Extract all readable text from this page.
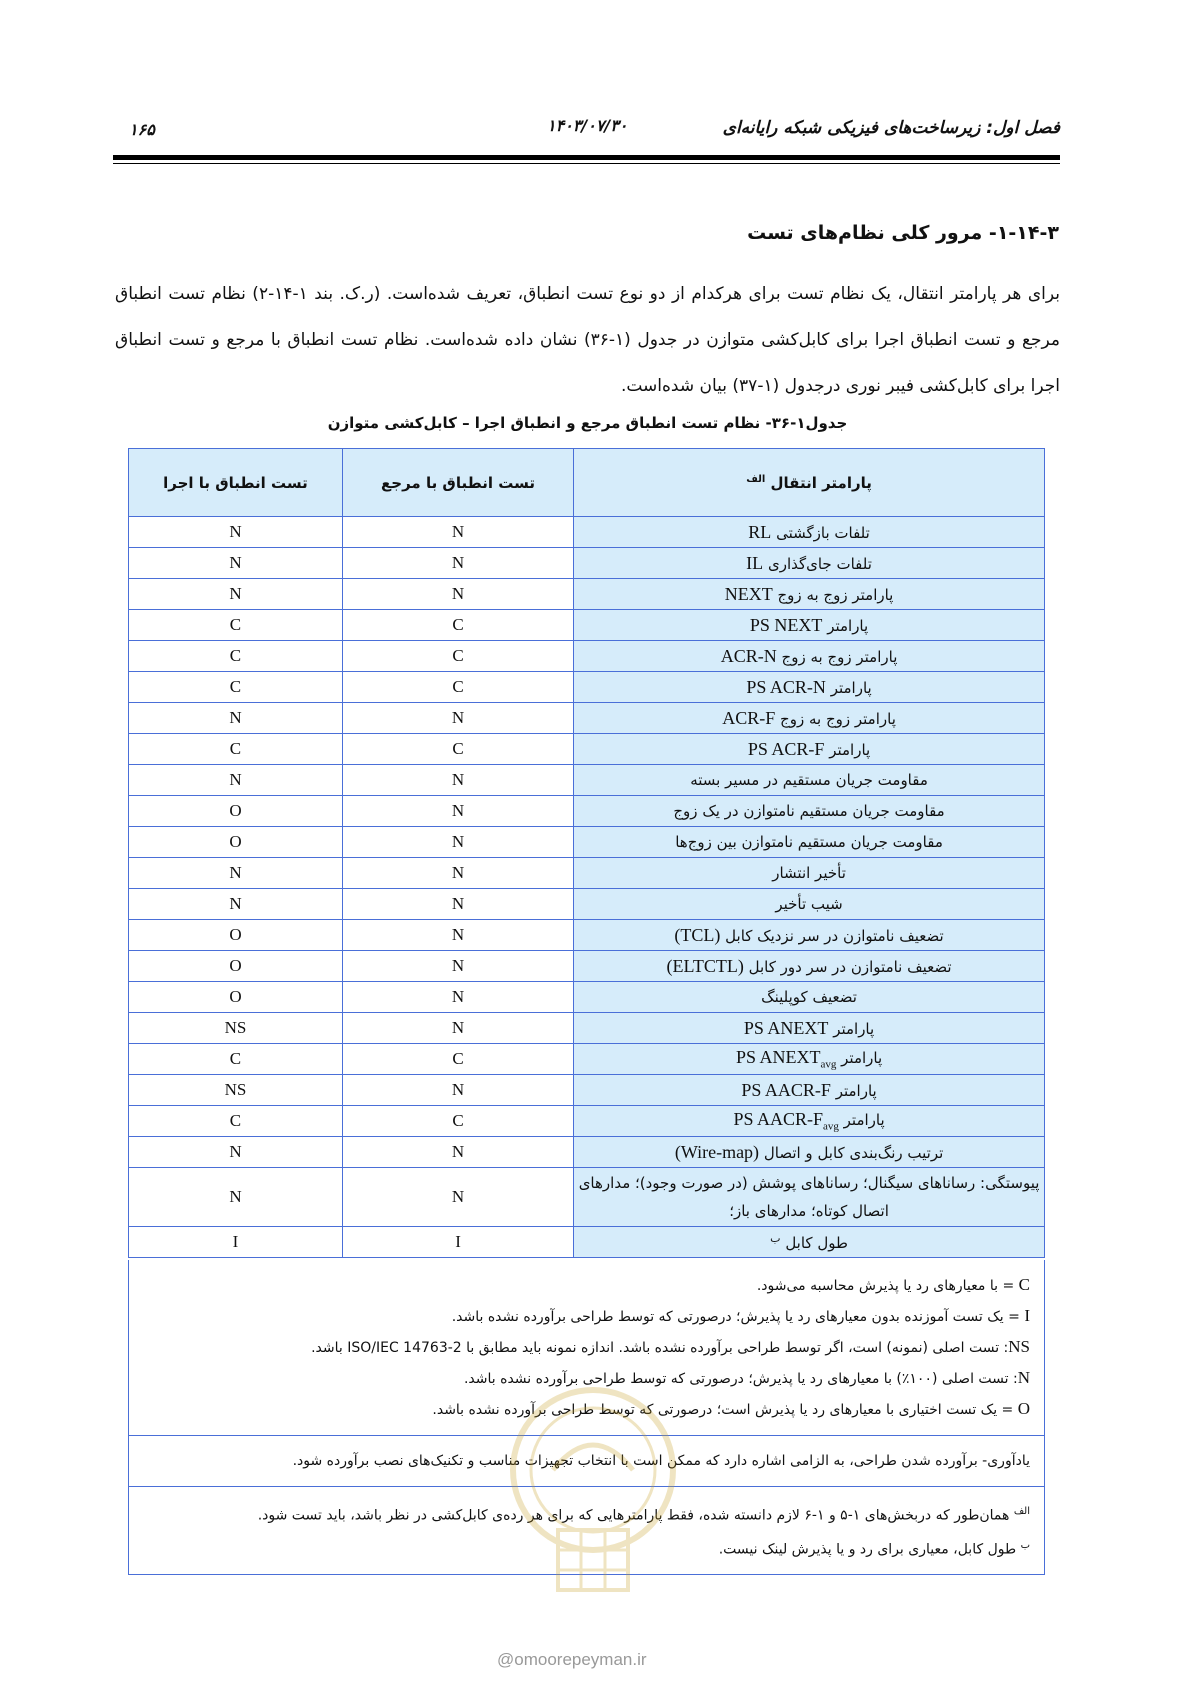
فصل اول: زیرساخت‌های فیزیکی شبکه رایانه‌ای
۱۴۰۳/۰۷/۳۰
۱۶۵
۱-۱۴-۳- مرور کلی نظام‌های تست
برای هر پارامتر انتقال، یک نظام تست برای هرکدام از دو نوع تست انطباق، تعریف شده‌است. (ر.ک. بند ۱-۱۴-۲) نظام تست انطباق مرجع و تست انطباق اجرا برای کابل‌کشی متوازن در جدول (۱-۳۶) نشان داده شده‌است. نظام تست انطباق با مرجع و تست انطباق اجرا برای کابل‌کشی فیبر نوری درجدول (۱-۳۷) بیان شده‌است.
جدول۱-۳۶- نظام تست انطباق مرجع و انطباق اجرا – کابل‌کشی متوازن
پارامتر انتقال $^{الف}$	تست انطباق با مرجع	تست انطباق با اجرا
تلفات بازگشتی RL	N	N
تلفات جای‌گذاری IL	N	N
پارامتر زوج به زوج NEXT	N	N
پارامتر PS NEXT	C	C
پارامتر زوج به زوج ACR-N	C	C
پارامتر PS ACR-N	C	C
پارامتر زوج به زوج ACR-F	N	N
پارامتر PS ACR-F	C	C
مقاومت جریان مستقیم در مسیر بسته	N	N
مقاومت جریان مستقیم نامتوازن در یک زوج	N	O
مقاومت جریان مستقیم نامتوازن بین زوج‌ها	N	O
تأخیر انتشار	N	N
شیب تأخیر	N	N
تضعیف نامتوازن در سر نزدیک کابل (TCL)	N	O
تضعیف نامتوازن در سر دور کابل (ELTCTL)	N	O
تضعیف کوپلینگ	N	O
پارامتر PS ANEXT	N	NS
پارامتر PS $ANEXT_{avg}$	C	C
پارامتر PS AACR-F	N	NS
پارامتر PS AACR-$F_{avg}$	C	C
ترتیب رنگ‌بندی کابل و اتصال (Wire-map)	N	N
پیوستگی: رساناهای سیگنال؛ رساناهای پوشش (در صورت وجود)؛ مدارهای اتصال کوتاه؛ مدارهای باز؛	N	N
طول کابل $^ب$	I	I
C = با معیارهای رد یا پذیرش محاسبه می‌شود.
I = یک تست آموزنده بدون معیارهای رد یا پذیرش؛ درصورتی که توسط طراحی برآورده نشده باشد.
NS: تست اصلی (نمونه) است، اگر توسط طراحی برآورده نشده باشد. اندازه نمونه باید مطابق با ISO/IEC 14763-2 باشد.
N: تست اصلی (۱۰۰٪) با معیارهای رد یا پذیرش؛ درصورتی که توسط طراحی برآورده نشده باشد.
O = یک تست اختیاری با معیارهای رد یا پذیرش است؛ درصورتی که توسط طراحی برآورده نشده باشد.
یادآوری- برآورده شدن طراحی، به الزامی اشاره دارد که ممکن است با انتخاب تجهیزات مناسب و تکنیک‌های نصب برآورده شود.
$^{الف}$ همان‌طور که دربخش‌های ۱-۵ و ۱-۶ لازم دانسته شده، فقط پارامترهایی که برای هر رده‌ی کابل‌کشی در نظر باشد، باید تست شود.
$^ب$ طول کابل، معیاری برای رد و یا پذیرش لینک نیست.
@omoorepeyman.ir
